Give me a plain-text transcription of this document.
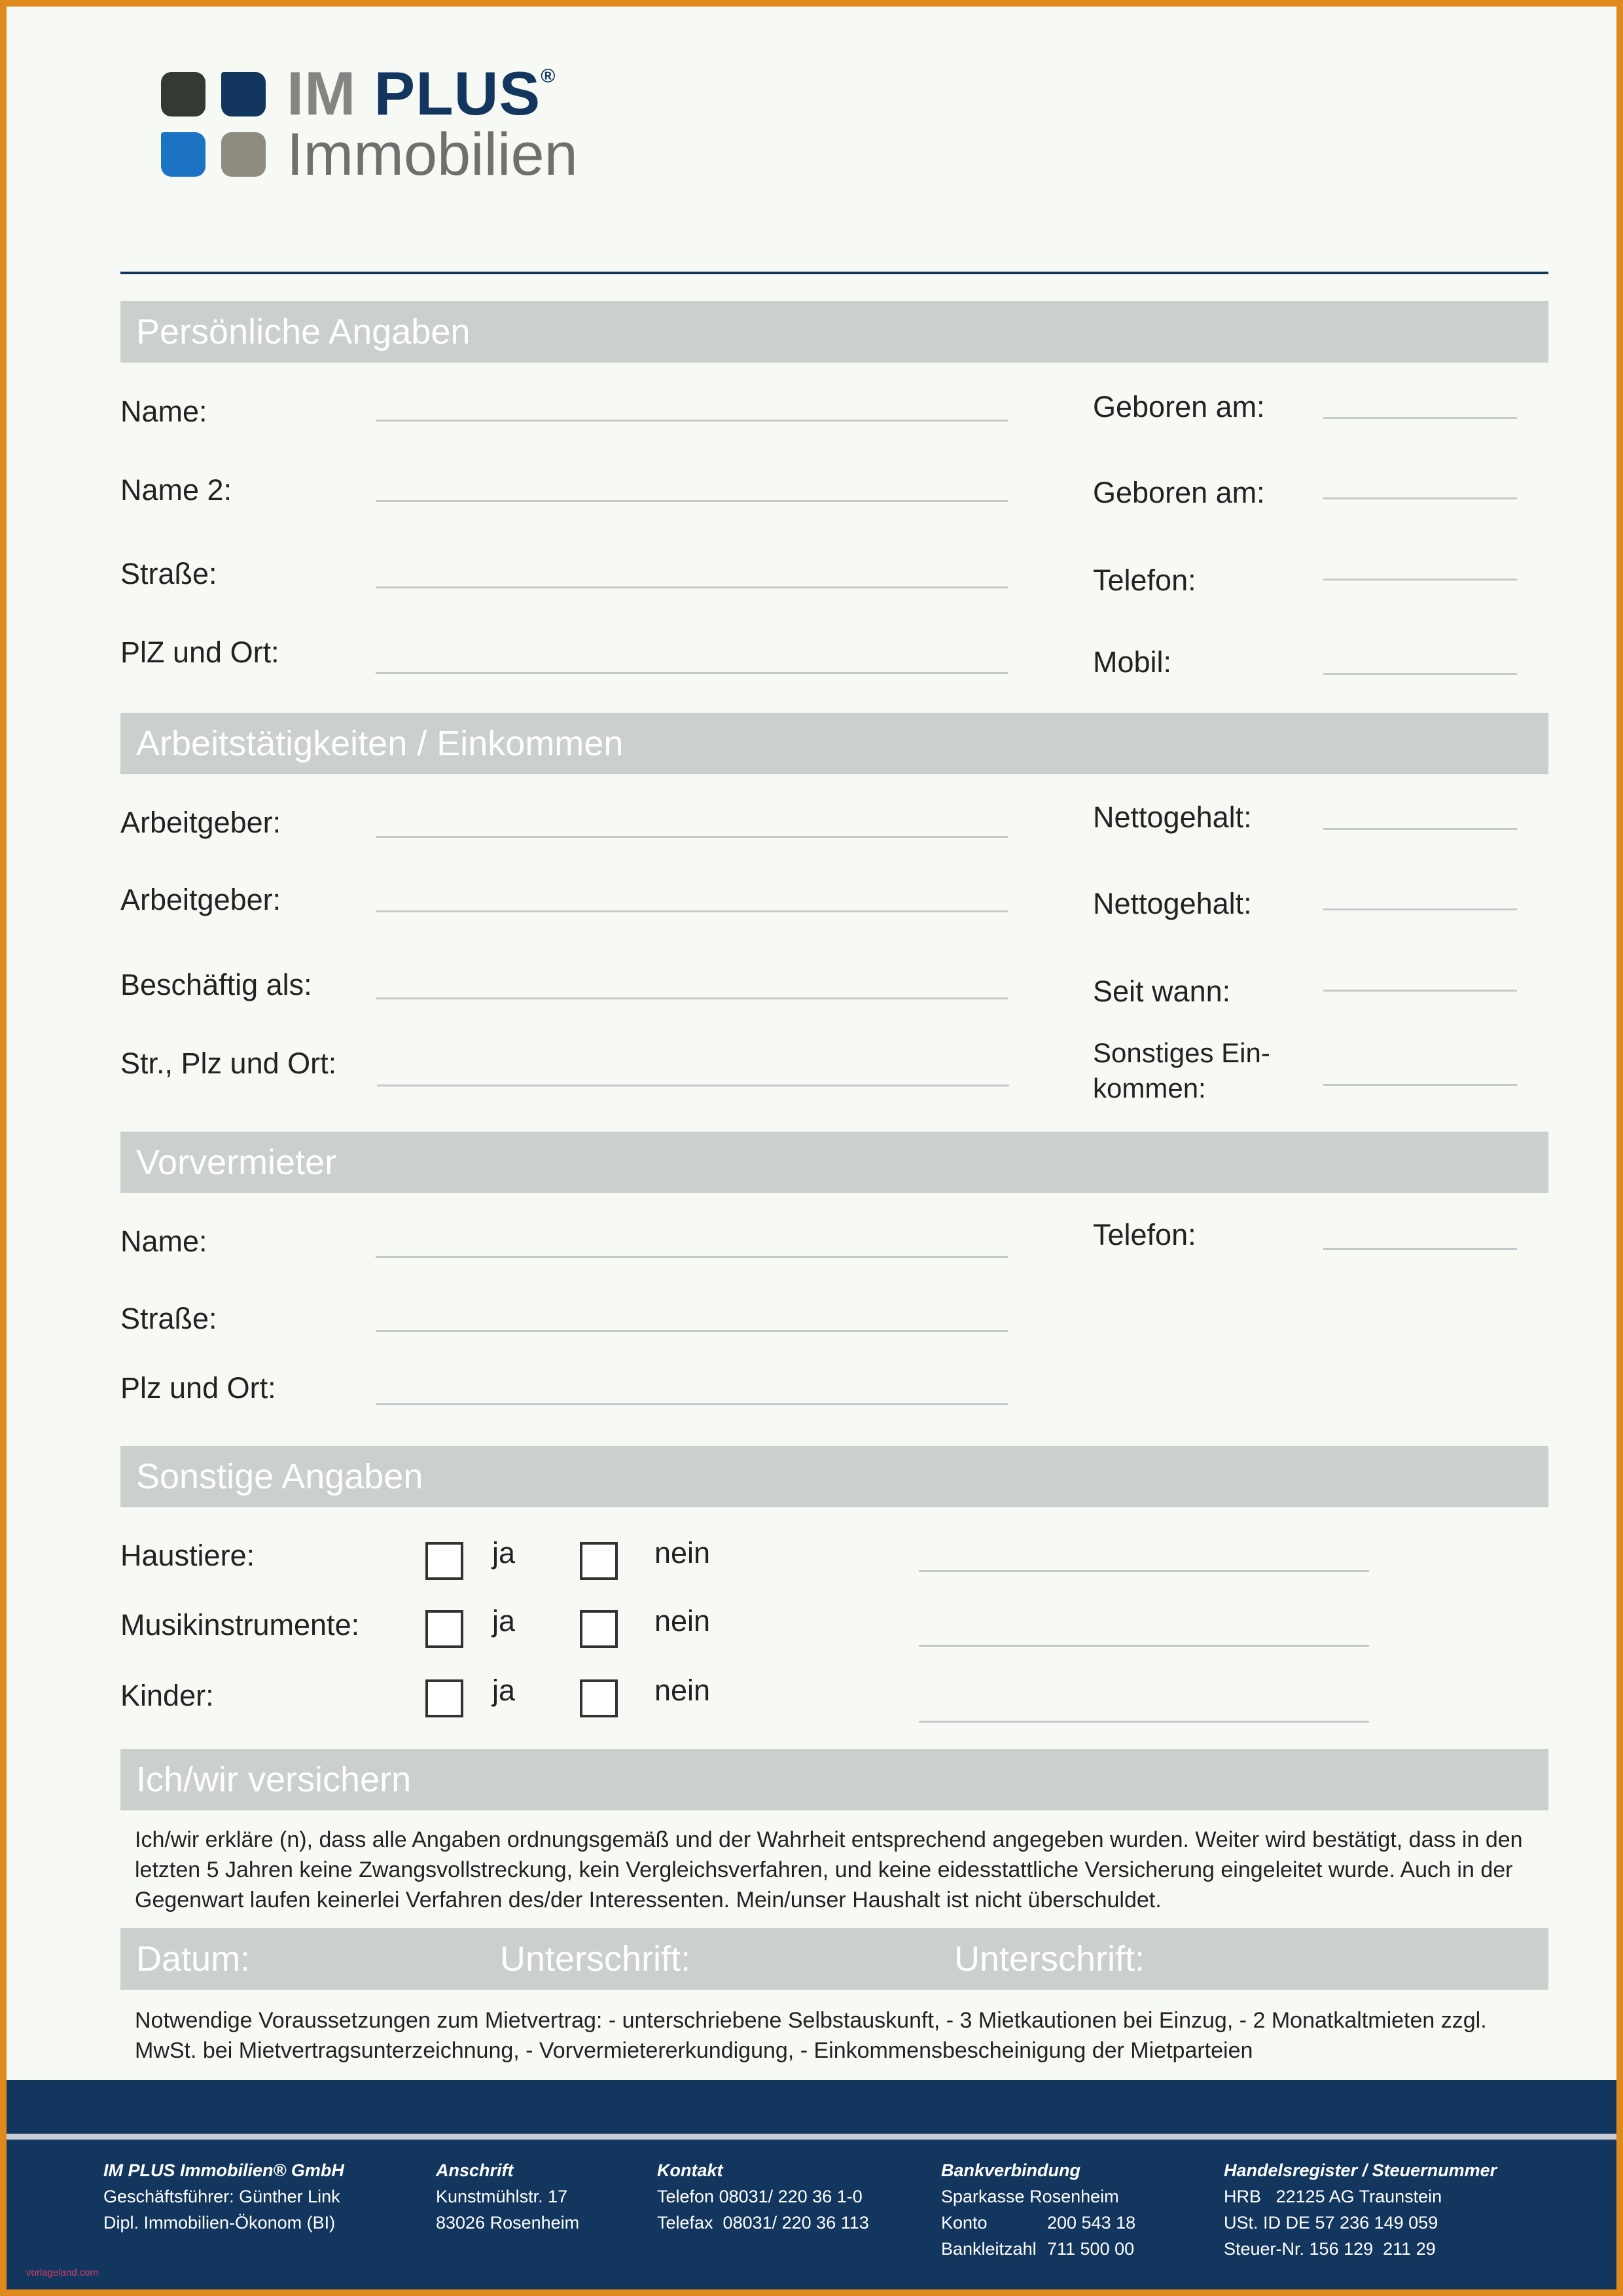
IM PLUS®
Immobilien
Persönliche Angaben
Name:
Name 2:
Straße:
PlZ und Ort:
Geboren am:
Geboren am:
Telefon:
Mobil:
Arbeitstätigkeiten / Einkommen
Arbeitgeber:
Arbeitgeber:
Beschäftig als:
Str., Plz und Ort:
Nettogehalt:
Nettogehalt:
Seit wann:
Sonstiges Ein-
kommen:
Vorvermieter
Name:
Straße:
Plz und Ort:
Telefon:
Sonstige Angaben
Haustiere:	ja	nein
Musikinstrumente:	ja	nein
Kinder:	ja	nein
Ich/wir versichern
Ich/wir erkläre (n), dass alle Angaben ordnungsgemäß und der Wahrheit entsprechend angegeben wurden. Weiter wird bestätigt, dass in den letzten 5 Jahren keine Zwangsvollstreckung, kein Vergleichsverfahren, und keine eidesstattliche Versicherung eingeleitet wurde. Auch in der Gegenwart laufen keinerlei Verfahren des/der Interessenten. Mein/unser Haushalt ist nicht überschuldet.
Datum:	Unterschrift:	Unterschrift:
Notwendige Voraussetzungen zum Mietvertrag: - unterschriebene Selbstauskunft, - 3 Mietkautionen bei Einzug, - 2 Monatkaltmieten zzgl. MwSt. bei Mietvertragsunterzeichnung, - Vorvermietererkundigung, - Einkommensbescheinigung der Mietparteien
IM PLUS Immobilien® GmbH
Geschäftsführer: Günther Link
Dipl. Immobilien-Ökonom (BI)
Anschrift
Kunstmühlstr. 17
83026 Rosenheim
Kontakt
Telefon 08031/ 220 36 1-0
Telefax  08031/ 220 36 113
Bankverbindung
Sparkasse Rosenheim
Konto	200 543 18
Bankleitzahl 711 500 00
Handelsregister / Steuernummer
HRB   22125 AG Traunstein
USt. ID DE 57 236 149 059
Steuer-Nr. 156 129  211 29
vorlageland.com
